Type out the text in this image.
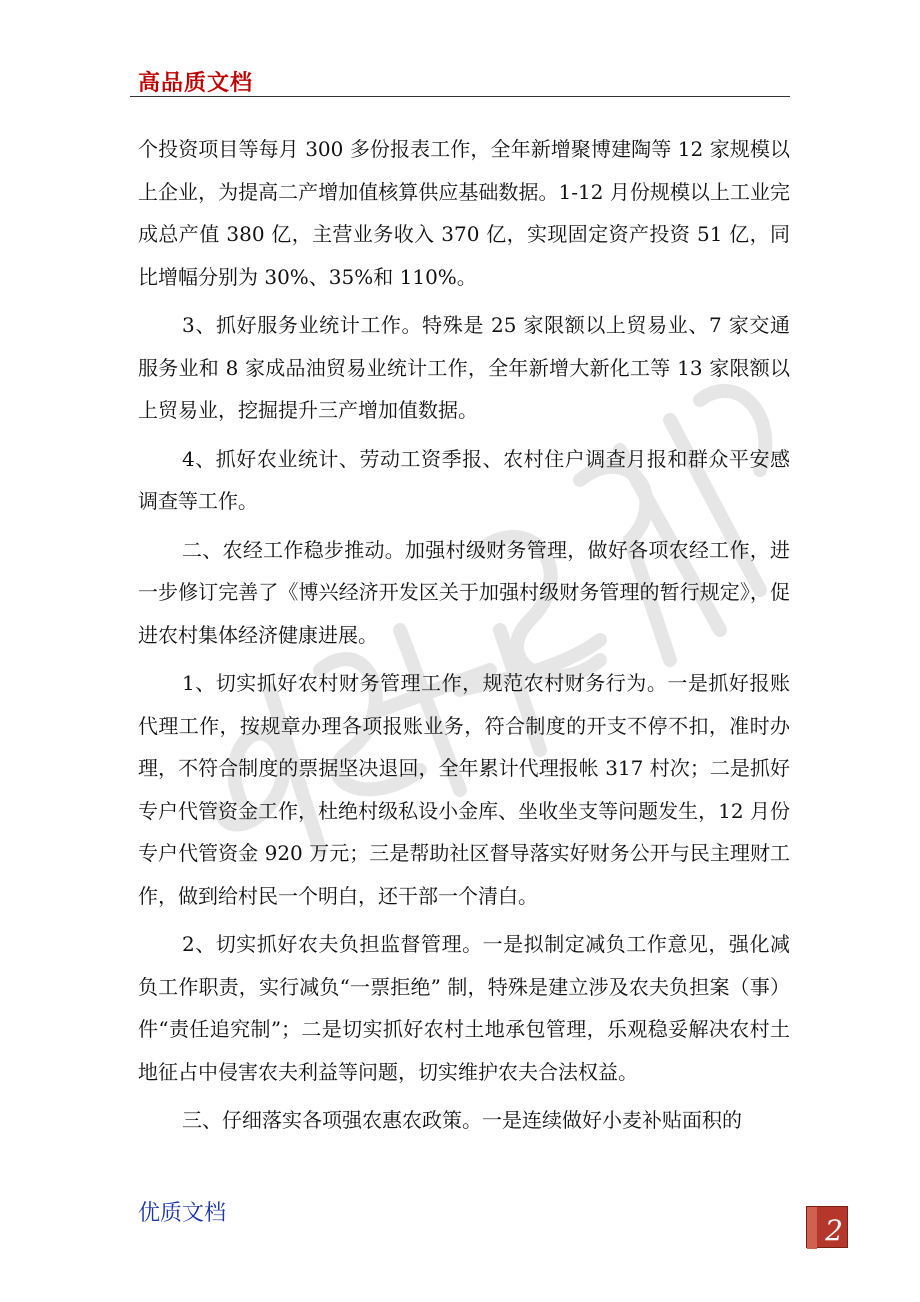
高品质文档

个投资项目等每月 300 多份报表工作，全年新增聚博建陶等 12 家规模以上企业，为提高二产增加值核算供应基础数据。1-12 月份规模以上工业完成总产值 380 亿，主营业务收入 370 亿，实现固定资产投资 51 亿，同比增幅分别为 30%、35%和 110%。

3、抓好服务业统计工作。特殊是 25 家限额以上贸易业、7 家交通服务业和 8 家成品油贸易业统计工作，全年新增大新化工等 13 家限额以上贸易业，挖掘提升三产增加值数据。

4、抓好农业统计、劳动工资季报、农村住户调查月报和群众平安感调查等工作。

二、农经工作稳步推动。加强村级财务管理，做好各项农经工作，进一步修订完善了《博兴经济开发区关于加强村级财务管理的暂行规定》，促进农村集体经济健康进展。

1、切实抓好农村财务管理工作，规范农村财务行为。一是抓好报账代理工作，按规章办理各项报账业务，符合制度的开支不停不扣，准时办理，不符合制度的票据坚决退回，全年累计代理报帐 317 村次；二是抓好专户代管资金工作，杜绝村级私设小金库、坐收坐支等问题发生，12 月份专户代管资金 920 万元；三是帮助社区督导落实好财务公开与民主理财工作，做到给村民一个明白，还干部一个清白。

2、切实抓好农夫负担监督管理。一是拟制定减负工作意见，强化减负工作职责，实行减负“一票拒绝” 制，特殊是建立涉及农夫负担案（事）件“责任追究制”；二是切实抓好农村土地承包管理，乐观稳妥解决农村土地征占中侵害农夫利益等问题，切实维护农夫合法权益。

三、仔细落实各项强农惠农政策。一是连续做好小麦补贴面积的

优质文档

2
